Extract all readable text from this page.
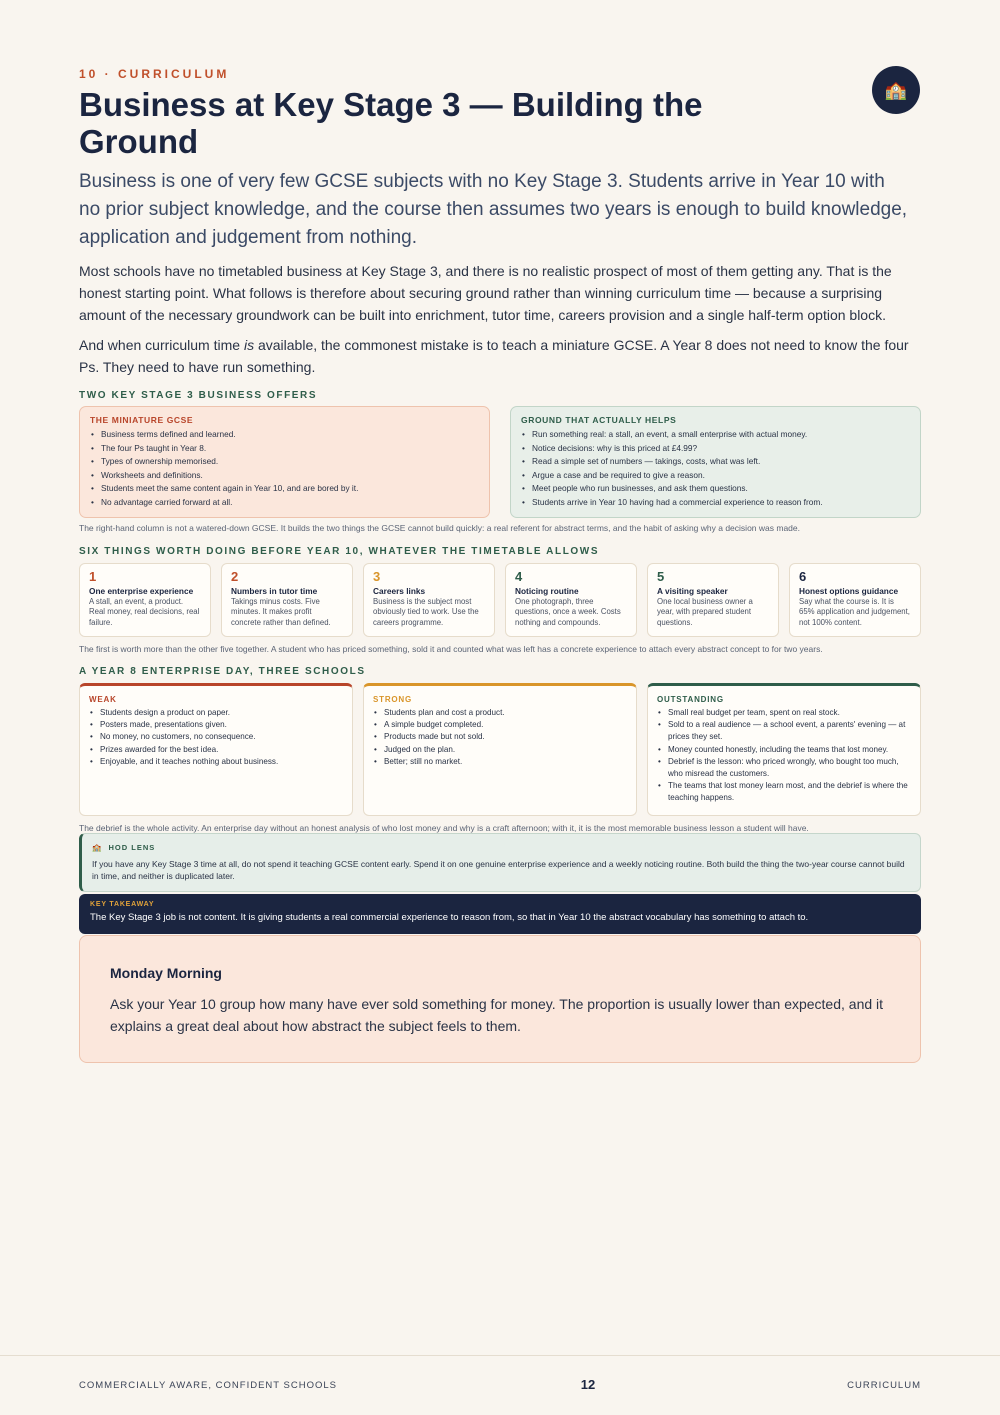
10 · CURRICULUM
Business at Key Stage 3 — Building the Ground
🏫

Business is one of very few GCSE subjects with no Key Stage 3. Students arrive in Year 10 with no prior subject knowledge, and the course then assumes two years is enough to build knowledge, application and judgement from nothing.

Most schools have no timetabled business at Key Stage 3, and there is no realistic prospect of most of them getting any. That is the honest starting point. What follows is therefore about securing ground rather than winning curriculum time — because a surprising amount of the necessary groundwork can be built into enrichment, tutor time, careers provision and a single half-term option block.

And when curriculum time is available, the commonest mistake is to teach a miniature GCSE. A Year 8 does not need to know the four Ps. They need to have run something.

TWO KEY STAGE 3 BUSINESS OFFERS
THE MINIATURE GCSE
• Business terms defined and learned.
• The four Ps taught in Year 8.
• Types of ownership memorised.
• Worksheets and definitions.
• Students meet the same content again in Year 10, and are bored by it.
• No advantage carried forward at all.
GROUND THAT ACTUALLY HELPS
• Run something real: a stall, an event, a small enterprise with actual money.
• Notice decisions: why is this priced at £4.99?
• Read a simple set of numbers — takings, costs, what was left.
• Argue a case and be required to give a reason.
• Meet people who run businesses, and ask them questions.
• Students arrive in Year 10 having had a commercial experience to reason from.
The right-hand column is not a watered-down GCSE. It builds the two things the GCSE cannot build quickly: a real referent for abstract terms, and the habit of asking why a decision was made.
SIX THINGS WORTH DOING BEFORE YEAR 10, WHATEVER THE TIMETABLE ALLOWS
1
One enterprise experience
A stall, an event, a product. Real money, real decisions, real failure.
2
Numbers in tutor time
Takings minus costs. Five minutes. It makes profit concrete rather than defined.
3
Careers links
Business is the subject most obviously tied to work. Use the careers programme.
4
Noticing routine
One photograph, three questions, once a week. Costs nothing and compounds.
5
A visiting speaker
One local business owner a year, with prepared student questions.
6
Honest options guidance
Say what the course is. It is 65% application and judgement, not 100% content.
The first is worth more than the other five together. A student who has priced something, sold it and counted what was left has a concrete experience to attach every abstract concept to for two years.
A YEAR 8 ENTERPRISE DAY, THREE SCHOOLS
WEAK
• Students design a product on paper.
• Posters made, presentations given.
• No money, no customers, no consequence.
• Prizes awarded for the best idea.
• Enjoyable, and it teaches nothing about business.
STRONG
• Students plan and cost a product.
• A simple budget completed.
• Products made but not sold.
• Judged on the plan.
• Better; still no market.
OUTSTANDING
• Small real budget per team, spent on real stock.
• Sold to a real audience — a school event, a parents' evening — at prices they set.
• Money counted honestly, including the teams that lost money.
• Debrief is the lesson: who priced wrongly, who bought too much, who misread the customers.
• The teams that lost money learn most, and the debrief is where the teaching happens.
The debrief is the whole activity. An enterprise day without an honest analysis of who lost money and why is a craft afternoon; with it, it is the most memorable business lesson a student will have.
🏫 HOD LENS
If you have any Key Stage 3 time at all, do not spend it teaching GCSE content early. Spend it on one genuine enterprise experience and a weekly noticing routine. Both build the thing the two-year course cannot build in time, and neither is duplicated later.
KEY TAKEAWAY
The Key Stage 3 job is not content. It is giving students a real commercial experience to reason from, so that in Year 10 the abstract vocabulary has something to attach to.
Monday Morning
Ask your Year 10 group how many have ever sold something for money. The proportion is usually lower than expected, and it explains a great deal about how abstract the subject feels to them.
COMMERCIALLY AWARE, CONFIDENT SCHOOLS	12	CURRICULUM
